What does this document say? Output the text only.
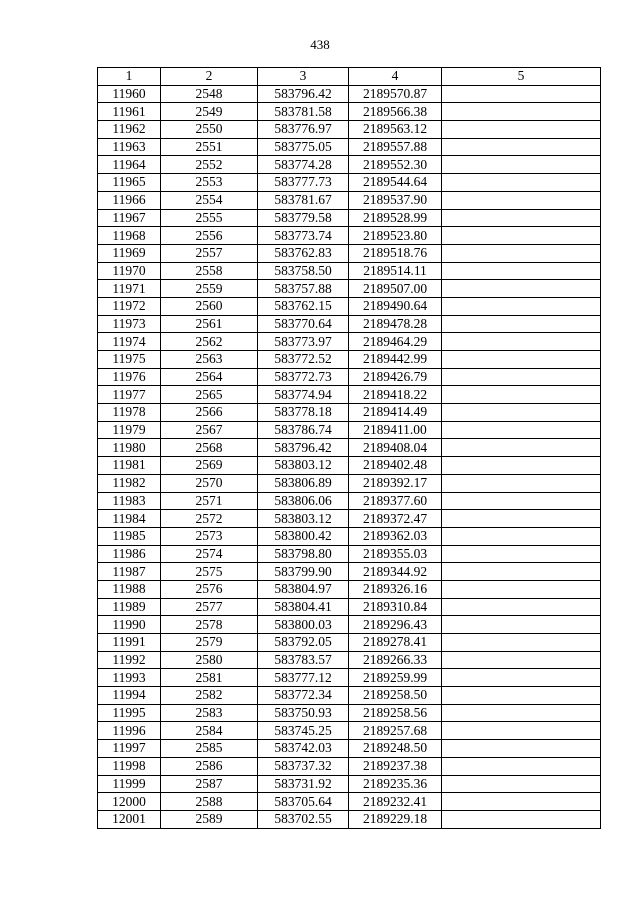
438
1	2	3	4	5
11960	2548	583796.42	2189570.87	
11961	2549	583781.58	2189566.38	
11962	2550	583776.97	2189563.12	
11963	2551	583775.05	2189557.88	
11964	2552	583774.28	2189552.30	
11965	2553	583777.73	2189544.64	
11966	2554	583781.67	2189537.90	
11967	2555	583779.58	2189528.99	
11968	2556	583773.74	2189523.80	
11969	2557	583762.83	2189518.76	
11970	2558	583758.50	2189514.11	
11971	2559	583757.88	2189507.00	
11972	2560	583762.15	2189490.64	
11973	2561	583770.64	2189478.28	
11974	2562	583773.97	2189464.29	
11975	2563	583772.52	2189442.99	
11976	2564	583772.73	2189426.79	
11977	2565	583774.94	2189418.22	
11978	2566	583778.18	2189414.49	
11979	2567	583786.74	2189411.00	
11980	2568	583796.42	2189408.04	
11981	2569	583803.12	2189402.48	
11982	2570	583806.89	2189392.17	
11983	2571	583806.06	2189377.60	
11984	2572	583803.12	2189372.47	
11985	2573	583800.42	2189362.03	
11986	2574	583798.80	2189355.03	
11987	2575	583799.90	2189344.92	
11988	2576	583804.97	2189326.16	
11989	2577	583804.41	2189310.84	
11990	2578	583800.03	2189296.43	
11991	2579	583792.05	2189278.41	
11992	2580	583783.57	2189266.33	
11993	2581	583777.12	2189259.99	
11994	2582	583772.34	2189258.50	
11995	2583	583750.93	2189258.56	
11996	2584	583745.25	2189257.68	
11997	2585	583742.03	2189248.50	
11998	2586	583737.32	2189237.38	
11999	2587	583731.92	2189235.36	
12000	2588	583705.64	2189232.41	
12001	2589	583702.55	2189229.18	
